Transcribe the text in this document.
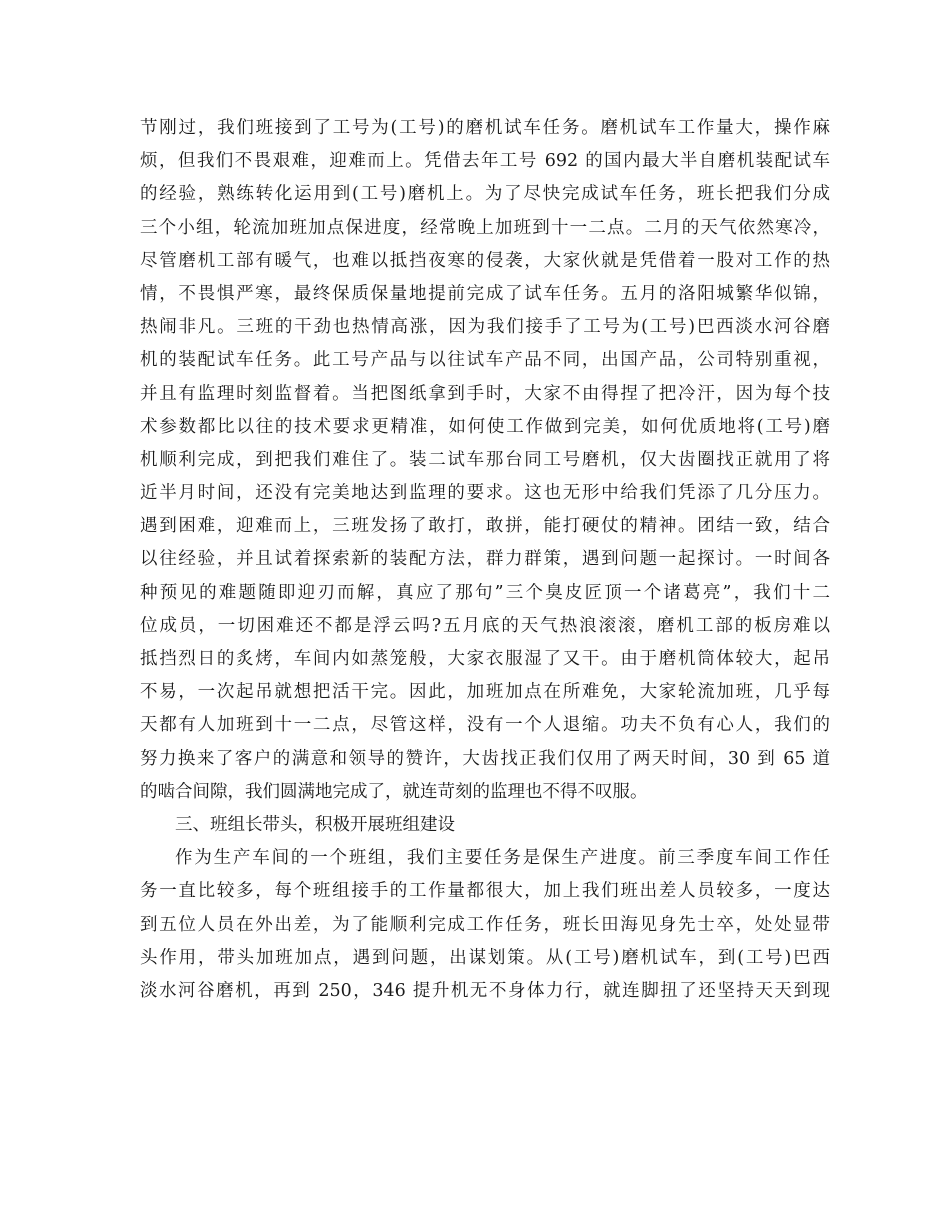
节刚过，我们班接到了工号为(工号)的磨机试车任务。磨机试车工作量大，操作麻
烦，但我们不畏艰难，迎难而上。凭借去年工号 692 的国内最大半自磨机装配试车
的经验，熟练转化运用到(工号)磨机上。为了尽快完成试车任务，班长把我们分成
三个小组，轮流加班加点保进度，经常晚上加班到十一二点。二月的天气依然寒冷，
尽管磨机工部有暖气，也难以抵挡夜寒的侵袭，大家伙就是凭借着一股对工作的热
情，不畏惧严寒，最终保质保量地提前完成了试车任务。五月的洛阳城繁华似锦，
热闹非凡。三班的干劲也热情高涨，因为我们接手了工号为(工号)巴西淡水河谷磨
机的装配试车任务。此工号产品与以往试车产品不同，出国产品，公司特别重视，
并且有监理时刻监督着。当把图纸拿到手时，大家不由得捏了把冷汗，因为每个技
术参数都比以往的技术要求更精准，如何使工作做到完美，如何优质地将(工号)磨
机顺利完成，到把我们难住了。装二试车那台同工号磨机，仅大齿圈找正就用了将
近半月时间，还没有完美地达到监理的要求。这也无形中给我们凭添了几分压力。
遇到困难，迎难而上，三班发扬了敢打，敢拼，能打硬仗的精神。团结一致，结合
以往经验，并且试着探索新的装配方法，群力群策，遇到问题一起探讨。一时间各
种预见的难题随即迎刃而解，真应了那句”三个臭皮匠顶一个诸葛亮”，我们十二
位成员，一切困难还不都是浮云吗?五月底的天气热浪滚滚，磨机工部的板房难以
抵挡烈日的炙烤，车间内如蒸笼般，大家衣服湿了又干。由于磨机筒体较大，起吊
不易，一次起吊就想把活干完。因此，加班加点在所难免，大家轮流加班，几乎每
天都有人加班到十一二点，尽管这样，没有一个人退缩。功夫不负有心人，我们的
努力换来了客户的满意和领导的赞许，大齿找正我们仅用了两天时间，30 到 65 道
的啮合间隙，我们圆满地完成了，就连苛刻的监理也不得不叹服。
三、班组长带头，积极开展班组建设
作为生产车间的一个班组，我们主要任务是保生产进度。前三季度车间工作任
务一直比较多，每个班组接手的工作量都很大，加上我们班出差人员较多，一度达
到五位人员在外出差，为了能顺利完成工作任务，班长田海见身先士卒，处处显带
头作用，带头加班加点，遇到问题，出谋划策。从(工号)磨机试车，到(工号)巴西
淡水河谷磨机，再到 250，346 提升机无不身体力行，就连脚扭了还坚持天天到现
